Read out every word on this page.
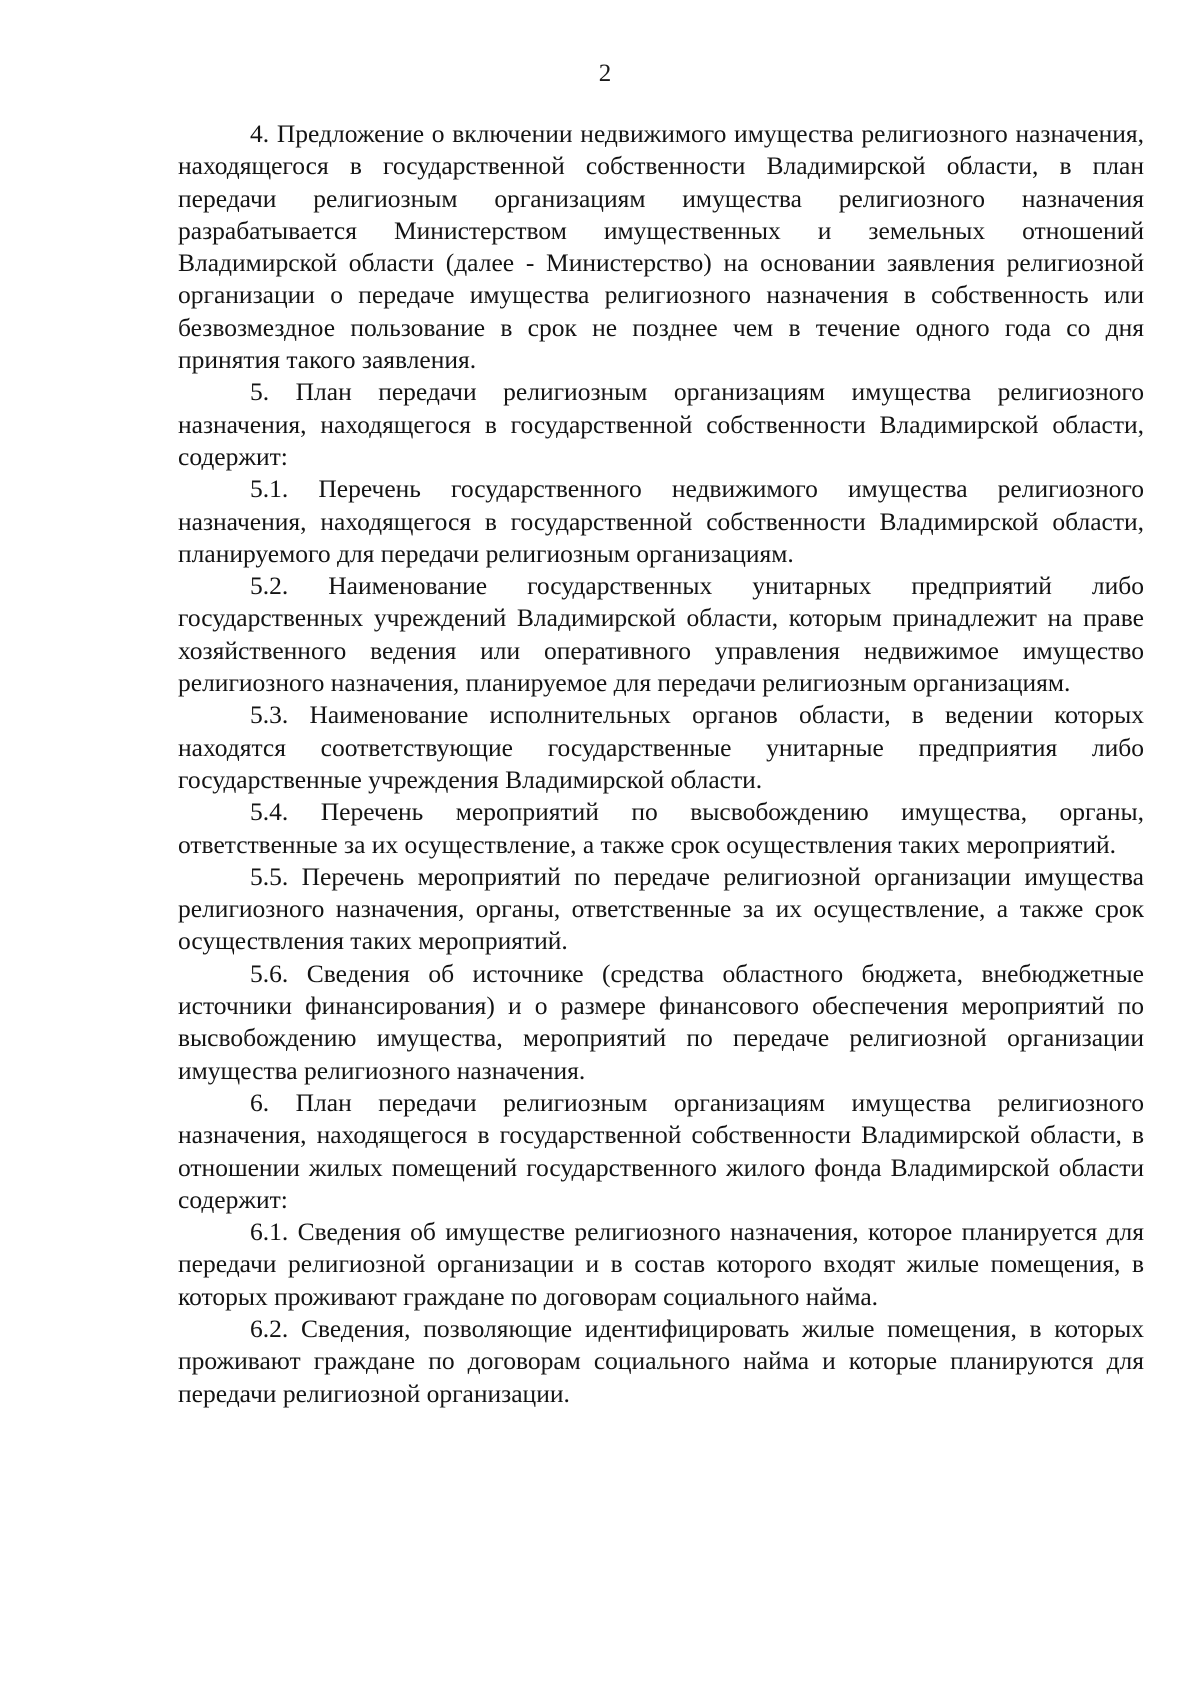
2

4. Предложение о включении недвижимого имущества религиозного назначения, находящегося в государственной собственности Владимирской области, в план передачи религиозным организациям имущества религиозного назначения разрабатывается Министерством имущественных и земельных отношений Владимирской области (далее - Министерство) на основании заявления религиозной организации о передаче имущества религиозного назначения в собственность или безвозмездное пользование в срок не позднее чем в течение одного года со дня принятия такого заявления.

5. План передачи религиозным организациям имущества религиозного назначения, находящегося в государственной собственности Владимирской области, содержит:

5.1. Перечень государственного недвижимого имущества религиозного назначения, находящегося в государственной собственности Владимирской области, планируемого для передачи религиозным организациям.

5.2. Наименование государственных унитарных предприятий либо государственных учреждений Владимирской области, которым принадлежит на праве хозяйственного ведения или оперативного управления недвижимое имущество религиозного назначения, планируемое для передачи религиозным организациям.

5.3. Наименование исполнительных органов области, в ведении которых находятся соответствующие государственные унитарные предприятия либо государственные учреждения Владимирской области.

5.4. Перечень мероприятий по высвобождению имущества, органы, ответственные за их осуществление, а также срок осуществления таких мероприятий.

5.5. Перечень мероприятий по передаче религиозной организации имущества религиозного назначения, органы, ответственные за их осуществление, а также срок осуществления таких мероприятий.

5.6. Сведения об источнике (средства областного бюджета, внебюджетные источники финансирования) и о размере финансового обеспечения мероприятий по высвобождению имущества, мероприятий по передаче религиозной организации имущества религиозного назначения.

6. План передачи религиозным организациям имущества религиозного назначения, находящегося в государственной собственности Владимирской области, в отношении жилых помещений государственного жилого фонда Владимирской области содержит:

6.1. Сведения об имуществе религиозного назначения, которое планируется для передачи религиозной организации и в состав которого входят жилые помещения, в которых проживают граждане по договорам социального найма.

6.2. Сведения, позволяющие идентифицировать жилые помещения, в которых проживают граждане по договорам социального найма и которые планируются для передачи религиозной организации.
